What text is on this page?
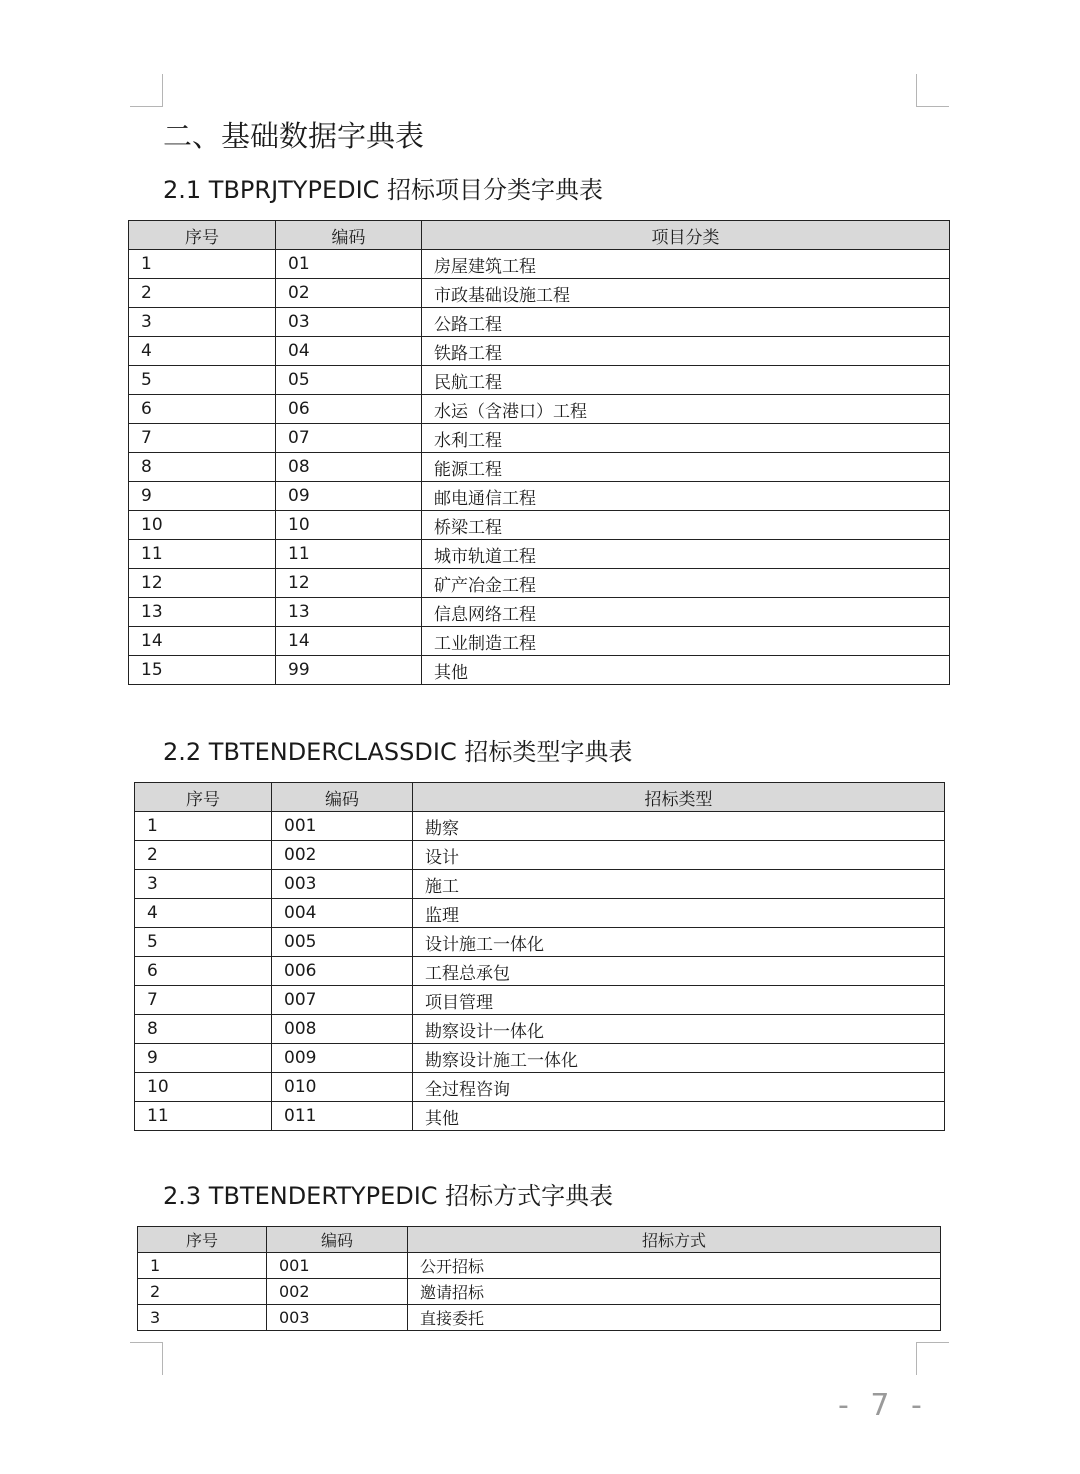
二、基础数据字典表
2.1 TBPRJTYPEDIC 招标项目分类字典表
序号	编码	项目分类
1	01	房屋建筑工程
2	02	市政基础设施工程
3	03	公路工程
4	04	铁路工程
5	05	民航工程
6	06	水运（含港口）工程
7	07	水利工程
8	08	能源工程
9	09	邮电通信工程
10	10	桥梁工程
11	11	城市轨道工程
12	12	矿产冶金工程
13	13	信息网络工程
14	14	工业制造工程
15	99	其他
2.2 TBTENDERCLASSDIC 招标类型字典表
序号	编码	招标类型
1	001	勘察
2	002	设计
3	003	施工
4	004	监理
5	005	设计施工一体化
6	006	工程总承包
7	007	项目管理
8	008	勘察设计一体化
9	009	勘察设计施工一体化
10	010	全过程咨询
11	011	其他
2.3 TBTENDERTYPEDIC 招标方式字典表
序号	编码	招标方式
1	001	公开招标
2	002	邀请招标
3	003	直接委托
- 7 -
